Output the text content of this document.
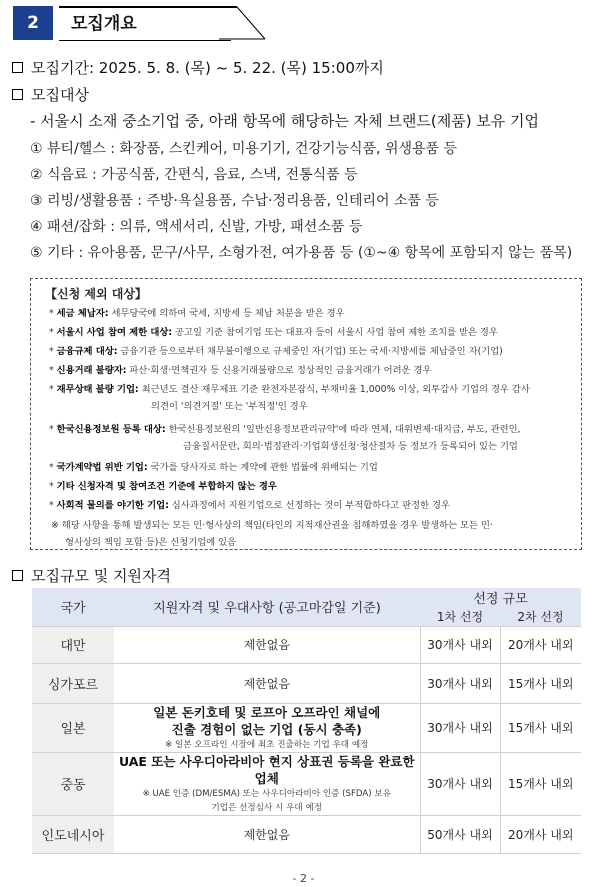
2	모집개요
모집기간: 2025. 5. 8. (목) ~ 5. 22. (목) 15:00까지
모집대상
- 서울시 소재 중소기업 중, 아래 항목에 해당하는 자체 브랜드(제품) 보유 기업
① 뷰티/헬스 : 화장품, 스킨케어, 미용기기, 건강기능식품, 위생용품 등
② 식음료 : 가공식품, 간편식, 음료, 스낵, 전통식품 등
③ 리빙/생활용품 : 주방·욕실용품, 수납·정리용품, 인테리어 소품 등
④ 패션/잡화 : 의류, 액세서리, 신발, 가방, 패션소품 등
⑤ 기타 : 유아용품, 문구/사무, 소형가전, 여가용품 등 (①~④ 항목에 포함되지 않는 품목)
【신청 제외 대상】
* 세금 체납자: 세무당국에 의하여 국세, 지방세 등 체납 처분을 받은 경우
* 서울시 사업 참여 제한 대상: 공고일 기준 참여기업 또는 대표자 등이 서울시 사업 참여 제한 조치를 받은 경우
* 금융규제 대상: 금융기관 등으로부터 채무불이행으로 규제중인 자(기업) 또는 국세·지방세를 체납중인 자(기업)
* 신용거래 불량자: 파산·회생·면책권자 등 신용거래불량으로 정상적인 금융거래가 어려운 경우
* 재무상태 불량 기업: 최근년도 결산 재무제표 기준 완전자본잠식, 부채비율 1,000% 이상, 외투감사 기업의 경우 감사
의견이 '의견거절' 또는 '부적정'인 경우
* 한국신용정보원 등록 대상: 한국신용정보원의 '일반신용정보관리규약'에 따라 연체, 대위변제·대지급, 부도, 관련인,
금융질서문란, 회의·법정관리·기업회생신청·청산절차 등 정보가 등록되어 있는 기업
* 국가계약법 위반 기업: 국가를 당사자로 하는 계약에 관한 법률에 위배되는 기업
* 기타 신청자격 및 참여조건 기준에 부합하지 않는 경우
* 사회적 물의를 야기한 기업: 심사과정에서 지원기업으로 선정하는 것이 부적합하다고 판정한 경우
※ 해당 사항을 통해 발생되는 모든 민·형사상의 책임(타인의 지적재산권을 침해하였을 경우 발생하는 모든 민·
형사상의 책임 포함 등)은 신청기업에 있음
모집규모 및 지원자격
국가	지원자격 및 우대사항 (공고마감일 기준)	선정 규모	
		1차 선정	2차 선정
대만	제한없음	30개사 내외	20개사 내외
싱가포르	제한없음	30개사 내외	15개사 내외
일본	일본 돈키호테 및 로프아 오프라인 채널에
진출 경험이 없는 기업 (동시 충족)
※ 일본 오프라인 시장에 최초 진출하는 기업 우대 예정	30개사 내외	15개사 내외
중동	UAE 또는 사우디아라비아 현지 상표권 등록을 완료한 업체
※ UAE 인증 (DM/ESMA) 또는 사우디아라비아 인증 (SFDA) 보유
기업은 선정심사 시 우대 예정	30개사 내외	15개사 내외
인도네시아	제한없음	50개사 내외	20개사 내외
- 2 -
